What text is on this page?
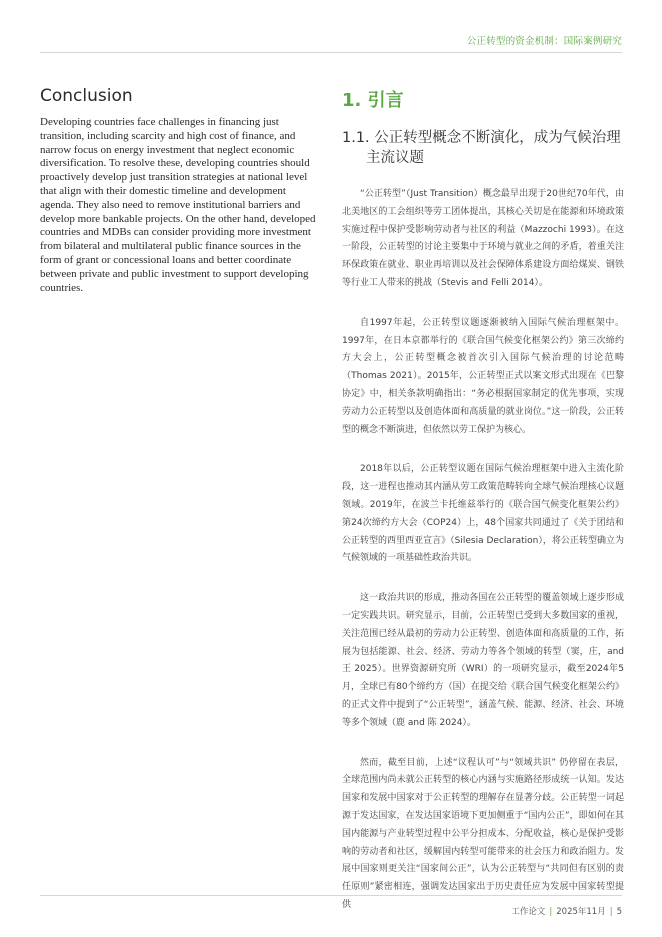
公正转型的资金机制：国际案例研究
Conclusion

Developing countries face challenges in financing just transition, including scarcity and high cost of finance, and narrow focus on energy investment that neglect economic diversification. To resolve these, developing countries should proactively develop just transition strategies at national level that align with their domestic timeline and development agenda. They also need to remove institutional barriers and develop more bankable projects. On the other hand, developed countries and MDBs can consider providing more investment from bilateral and multilateral public finance sources in the form of grant or concessional loans and better coordinate between private and public investment to support developing countries.

1. 引言
1.1. 公正转型概念不断演化，成为气候治理主流议题

“公正转型”（Just Transition）概念最早出现于20世纪70年代，由北美地区的工会组织等劳工团体提出，其核心关切是在能源和环境政策实施过程中保护受影响劳动者与社区的利益（Mazzochi 1993）。在这一阶段，公正转型的讨论主要集中于环境与就业之间的矛盾，着重关注环保政策在就业、职业再培训以及社会保障体系建设方面给煤炭、钢铁等行业工人带来的挑战（Stevis and Felli 2014）。

自1997年起，公正转型议题逐渐被纳入国际气候治理框架中。1997年，在日本京都举行的《联合国气候变化框架公约》第三次缔约方大会上，公正转型概念被首次引入国际气候治理的讨论范畴（Thomas 2021）。2015年，公正转型正式以案文形式出现在《巴黎协定》中，相关条款明确指出：“务必根据国家制定的优先事项，实现劳动力公正转型以及创造体面和高质量的就业岗位。”这一阶段，公正转型的概念不断演进，但依然以劳工保护为核心。

2018年以后，公正转型议题在国际气候治理框架中进入主流化阶段，这一进程也推动其内涵从劳工政策范畴转向全球气候治理核心议题领域。2019年，在波兰卡托维兹举行的《联合国气候变化框架公约》第24次缔约方大会（COP24）上，48个国家共同通过了《关于团结和公正转型的西里西亚宣言》（Silesia Declaration），将公正转型确立为气候领域的一项基础性政治共识。

这一政治共识的形成，推动各国在公正转型的覆盖领域上逐步形成一定实践共识。研究显示，目前，公正转型已受到大多数国家的重视，关注范围已经从最初的劳动力公正转型、创造体面和高质量的工作，拓展为包括能源、社会、经济、劳动力等各个领域的转型（窦，庄，and 王 2025）。世界资源研究所（WRI）的一项研究显示，截至2024年5月，全球已有80个缔约方（国）在提交给《联合国气候变化框架公约》的正式文件中提到了“公正转型”，涵盖气候、能源、经济、社会、环境等多个领域（鹿 and 陈 2024）。

然而，截至目前，上述“议程认可”与“领域共识” 仍停留在表层，全球范围内尚未就公正转型的核心内涵与实施路径形成统一认知。发达国家和发展中国家对于公正转型的理解存在显著分歧。公正转型一词起源于发达国家，在发达国家语境下更加侧重于“国内公正”，即如何在其国内能源与产业转型过程中公平分担成本、分配收益，核心是保护受影响的劳动者和社区，缓解国内转型可能带来的社会压力和政治阻力。发展中国家则更关注“国家间公正”，认为公正转型与“共同但有区别的责任原则”紧密相连，强调发达国家出于历史责任应为发展中国家转型提供

工作论文 | 2025年11月 | 5
